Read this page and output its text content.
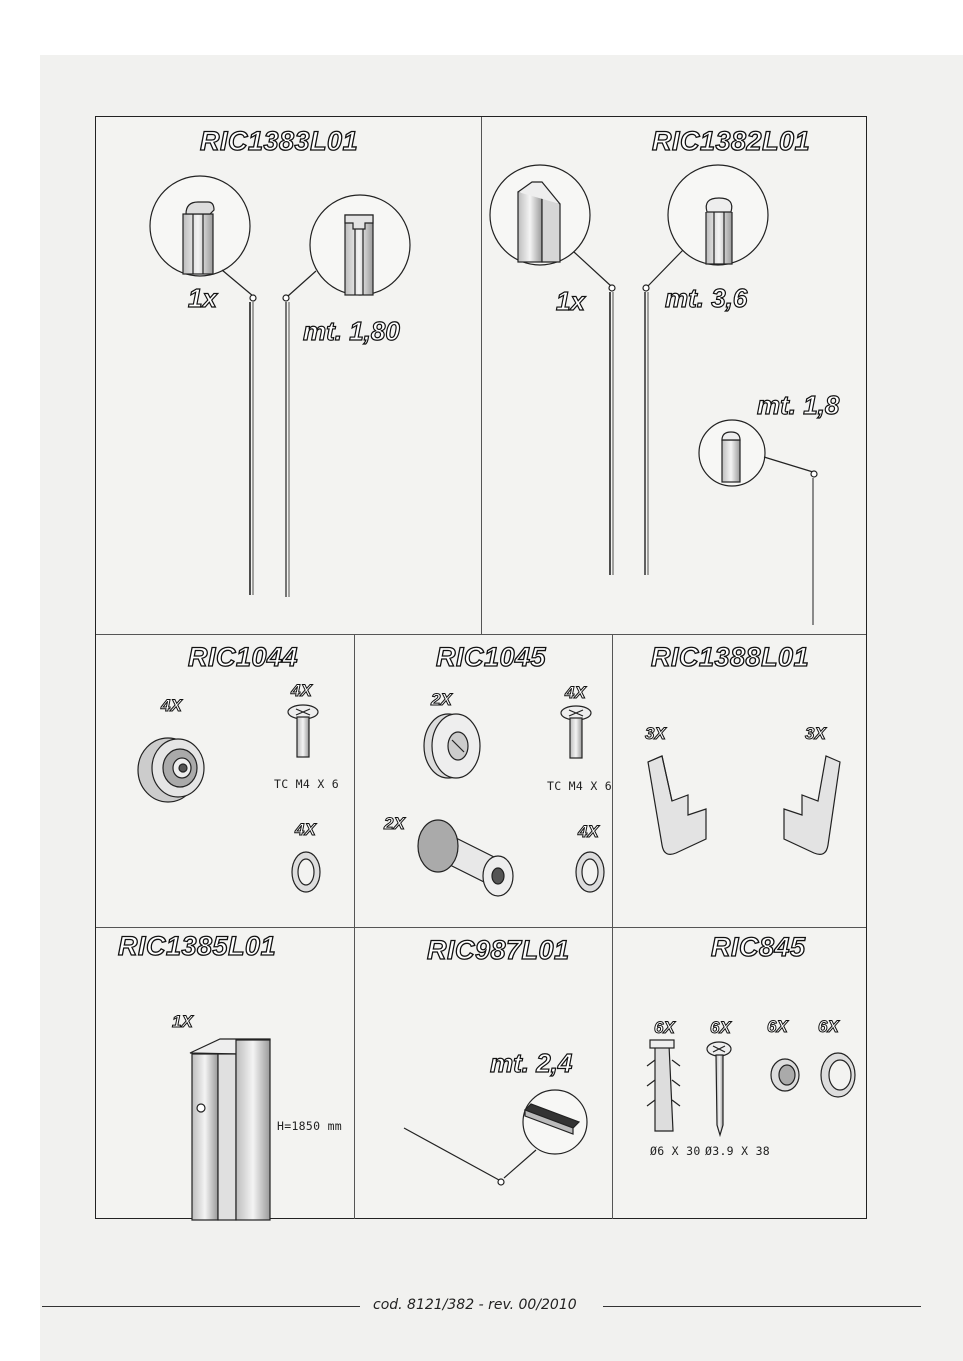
RIC1383L01
1x
mt. 1,80
RIC1382L01
1x	mt. 3,6
mt. 1,8
RIC1044
4X
4X
4X
TC M4 X 6
RIC1045
2X	4X
2X	4X
TC M4 X 6
RIC1388L01
3X	3X
RIC1385L01
1X
H=1850 mm
RIC987L01
mt. 2,4
RIC845
6X 6X 6X 6X
Ø6 X 30 Ø3.9 X 38
cod. 8121/382 - rev. 00/2010
